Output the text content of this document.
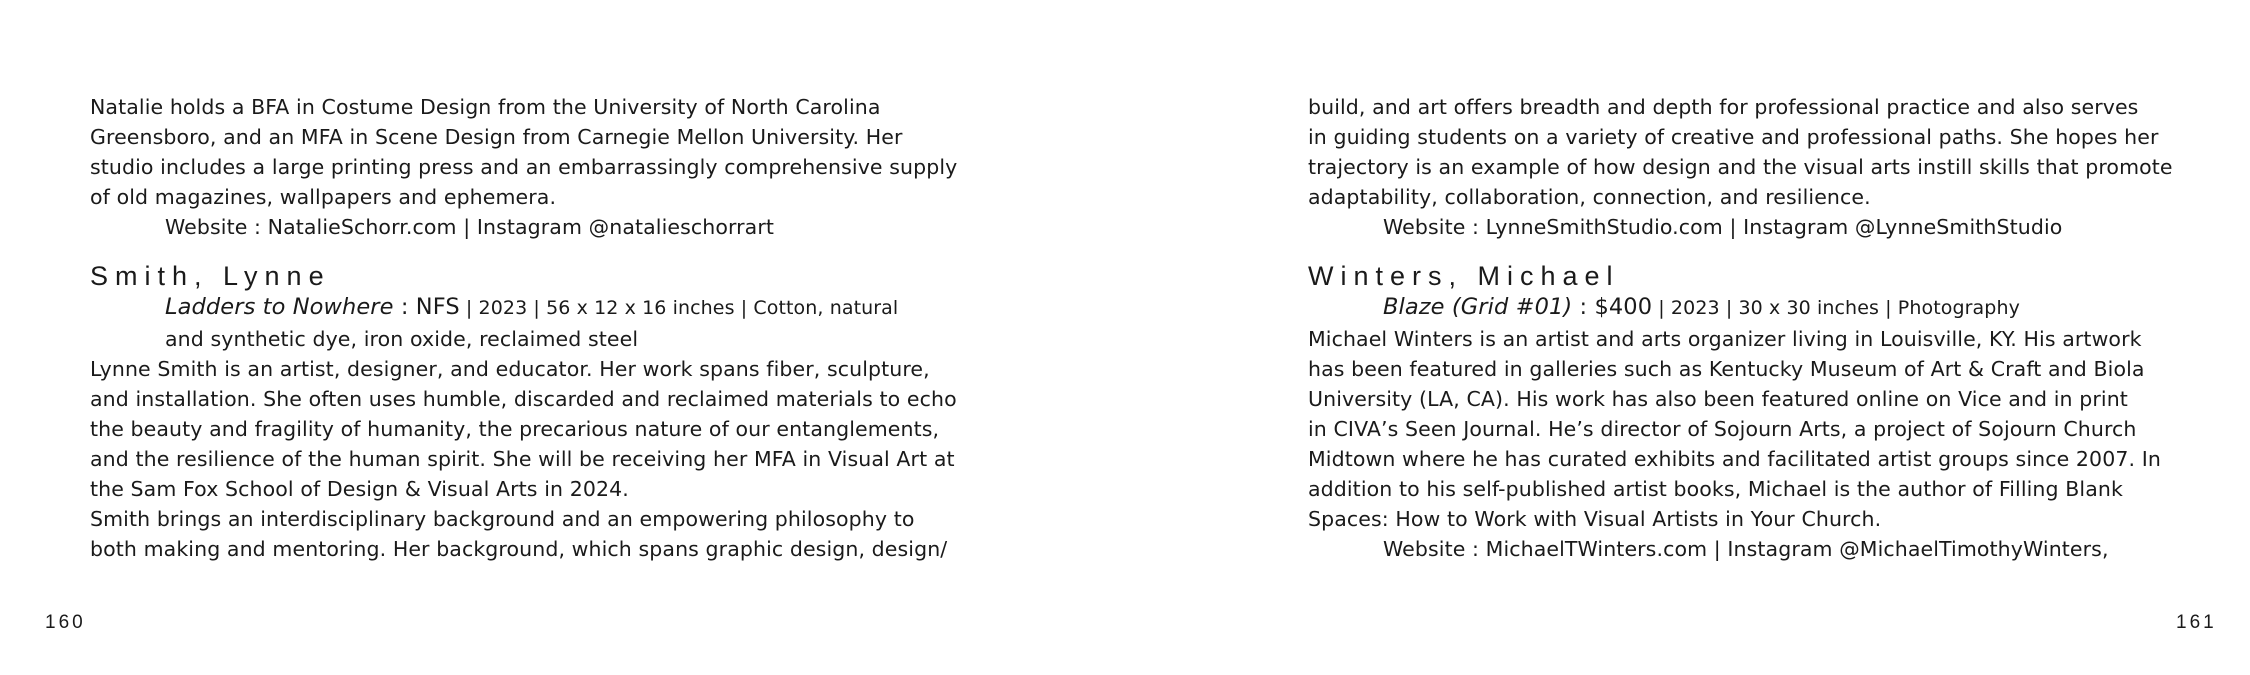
Natalie holds a BFA in Costume Design from the University of North Carolina
Greensboro, and an MFA in Scene Design from Carnegie Mellon University. Her
studio includes a large printing press and an embarrassingly comprehensive supply
of old magazines, wallpapers and ephemera.
Website : NatalieSchorr.com | Instagram @natalieschorrart
Smith, Lynne
Ladders to Nowhere : NFS | 2023 | 56 x 12 x 16 inches | Cotton, natural
and synthetic dye, iron oxide, reclaimed steel
Lynne Smith is an artist, designer, and educator. Her work spans fiber, sculpture,
and installation. She often uses humble, discarded and reclaimed materials to echo
the beauty and fragility of humanity, the precarious nature of our entanglements,
and the resilience of the human spirit. She will be receiving her MFA in Visual Art at
the Sam Fox School of Design & Visual Arts in 2024.
Smith brings an interdisciplinary background and an empowering philosophy to
both making and mentoring. Her background, which spans graphic design, design/
160
build, and art offers breadth and depth for professional practice and also serves
in guiding students on a variety of creative and professional paths. She hopes her
trajectory is an example of how design and the visual arts instill skills that promote
adaptability, collaboration, connection, and resilience.
Website : LynneSmithStudio.com | Instagram @LynneSmithStudio
Winters, Michael
Blaze (Grid #01) : $400 | 2023 | 30 x 30 inches | Photography
Michael Winters is an artist and arts organizer living in Louisville, KY. His artwork
has been featured in galleries such as Kentucky Museum of Art & Craft and Biola
University (LA, CA). His work has also been featured online on Vice and in print
in CIVA’s Seen Journal. He’s director of Sojourn Arts, a project of Sojourn Church
Midtown where he has curated exhibits and facilitated artist groups since 2007. In
addition to his self-published artist books, Michael is the author of Filling Blank
Spaces: How to Work with Visual Artists in Your Church.
Website : MichaelTWinters.com | Instagram @MichaelTimothyWinters,
161
